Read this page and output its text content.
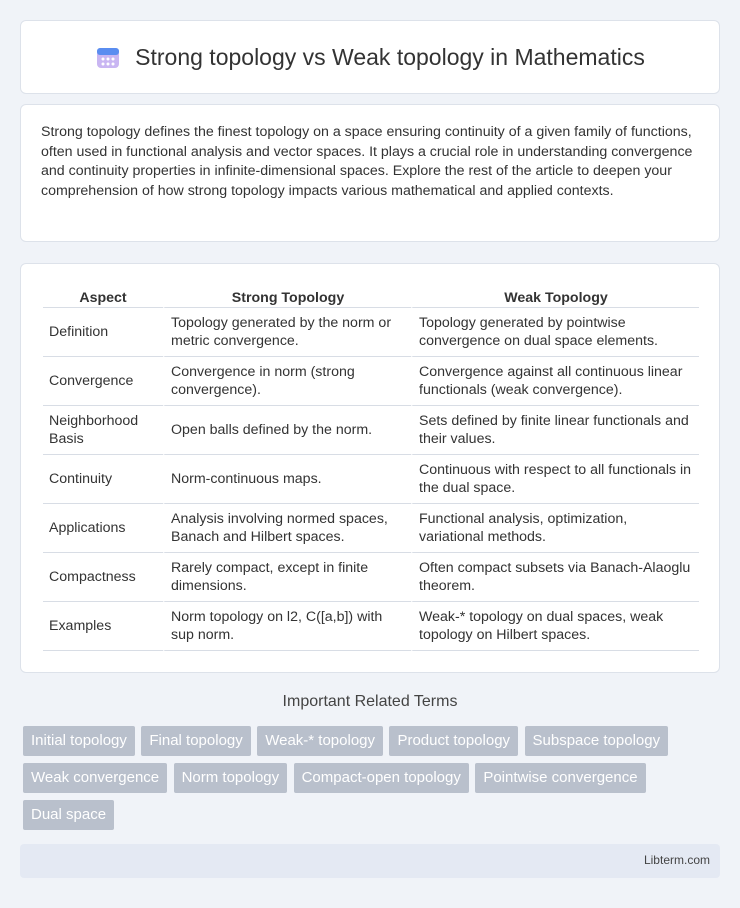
Strong topology vs Weak topology in Mathematics

Strong topology defines the finest topology on a space ensuring continuity of a given family of functions, often used in functional analysis and vector spaces. It plays a crucial role in understanding convergence and continuity properties in infinite-dimensional spaces. Explore the rest of the article to deepen your comprehension of how strong topology impacts various mathematical and applied contexts.

Aspect	Strong Topology	Weak Topology
Definition	Topology generated by the norm or metric convergence.	Topology generated by pointwise convergence on dual space elements.
Convergence	Convergence in norm (strong convergence).	Convergence against all continuous linear functionals (weak convergence).
Neighborhood Basis	Open balls defined by the norm.	Sets defined by finite linear functionals and their values.
Continuity	Norm-continuous maps.	Continuous with respect to all functionals in the dual space.
Applications	Analysis involving normed spaces, Banach and Hilbert spaces.	Functional analysis, optimization, variational methods.
Compactness	Rarely compact, except in finite dimensions.	Often compact subsets via Banach-Alaoglu theorem.
Examples	Norm topology on l2, C([a,b]) with sup norm.	Weak-* topology on dual spaces, weak topology on Hilbert spaces.
Important Related Terms
Initial topology Final topology Weak-* topology Product topology Subspace topology Weak convergence Norm topology Compact-open topology Pointwise convergence Dual space
Libterm.com
